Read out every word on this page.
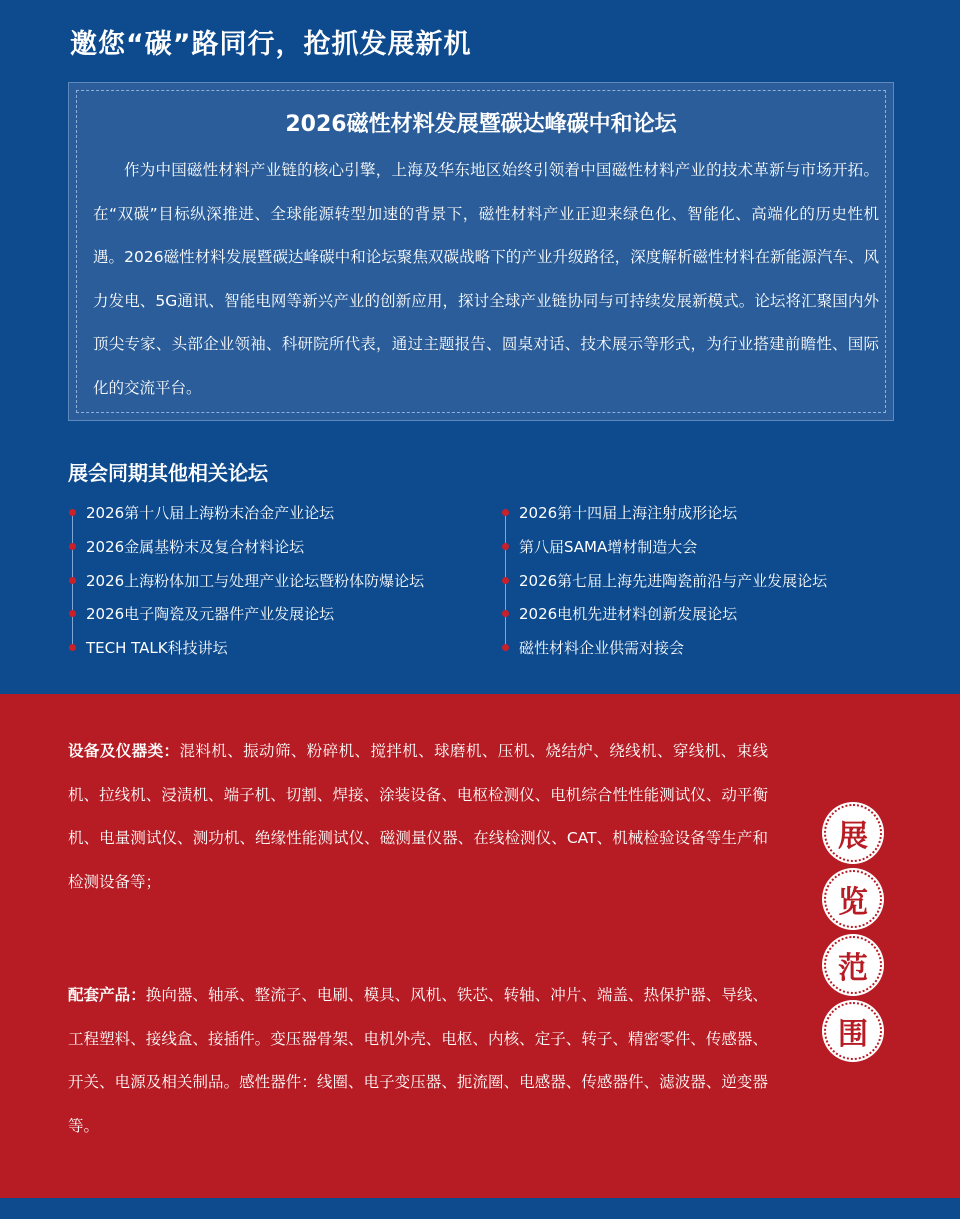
邀您“碳”路同行，抢抓发展新机
2026磁性材料发展暨碳达峰碳中和论坛

作为中国磁性材料产业链的核心引擎，上海及华东地区始终引领着中国磁性材料产业的技术革新与市场开拓。在“双碳”目标纵深推进、全球能源转型加速的背景下，磁性材料产业正迎来绿色化、智能化、高端化的历史性机遇。2026磁性材料发展暨碳达峰碳中和论坛聚焦双碳战略下的产业升级路径，深度解析磁性材料在新能源汽车、风力发电、5G通讯、智能电网等新兴产业的创新应用，探讨全球产业链协同与可持续发展新模式。论坛将汇聚国内外顶尖专家、头部企业领袖、科研院所代表，通过主题报告、圆桌对话、技术展示等形式，为行业搭建前瞻性、国际化的交流平台。

展会同期其他相关论坛
2026第十八届上海粉末冶金产业论坛
2026金属基粉末及复合材料论坛
2026上海粉体加工与处理产业论坛暨粉体防爆论坛
2026电子陶瓷及元器件产业发展论坛
TECH TALK科技讲坛
2026第十四届上海注射成形论坛
第八届SAMA增材制造大会
2026第七届上海先进陶瓷前沿与产业发展论坛
2026电机先进材料创新发展论坛
磁性材料企业供需对接会

设备及仪器类：混料机、振动筛、粉碎机、搅拌机、球磨机、压机、烧结炉、绕线机、穿线机、束线机、拉线机、浸渍机、端子机、切割、焊接、涂装设备、电枢检测仪、电机综合性性能测试仪、动平衡机、电量测试仪、测功机、绝缘性能测试仪、磁测量仪器、在线检测仪、CAT、机械检验设备等生产和检测设备等；

配套产品：换向器、轴承、整流子、电刷、模具、风机、铁芯、转轴、冲片、端盖、热保护器、导线、工程塑料、接线盒、接插件。变压器骨架、电机外壳、电枢、内核、定子、转子、精密零件、传感器、开关、电源及相关制品。感性器件：线圈、电子变压器、扼流圈、电感器、传感器件、滤波器、逆变器等。

展
览
范
围
